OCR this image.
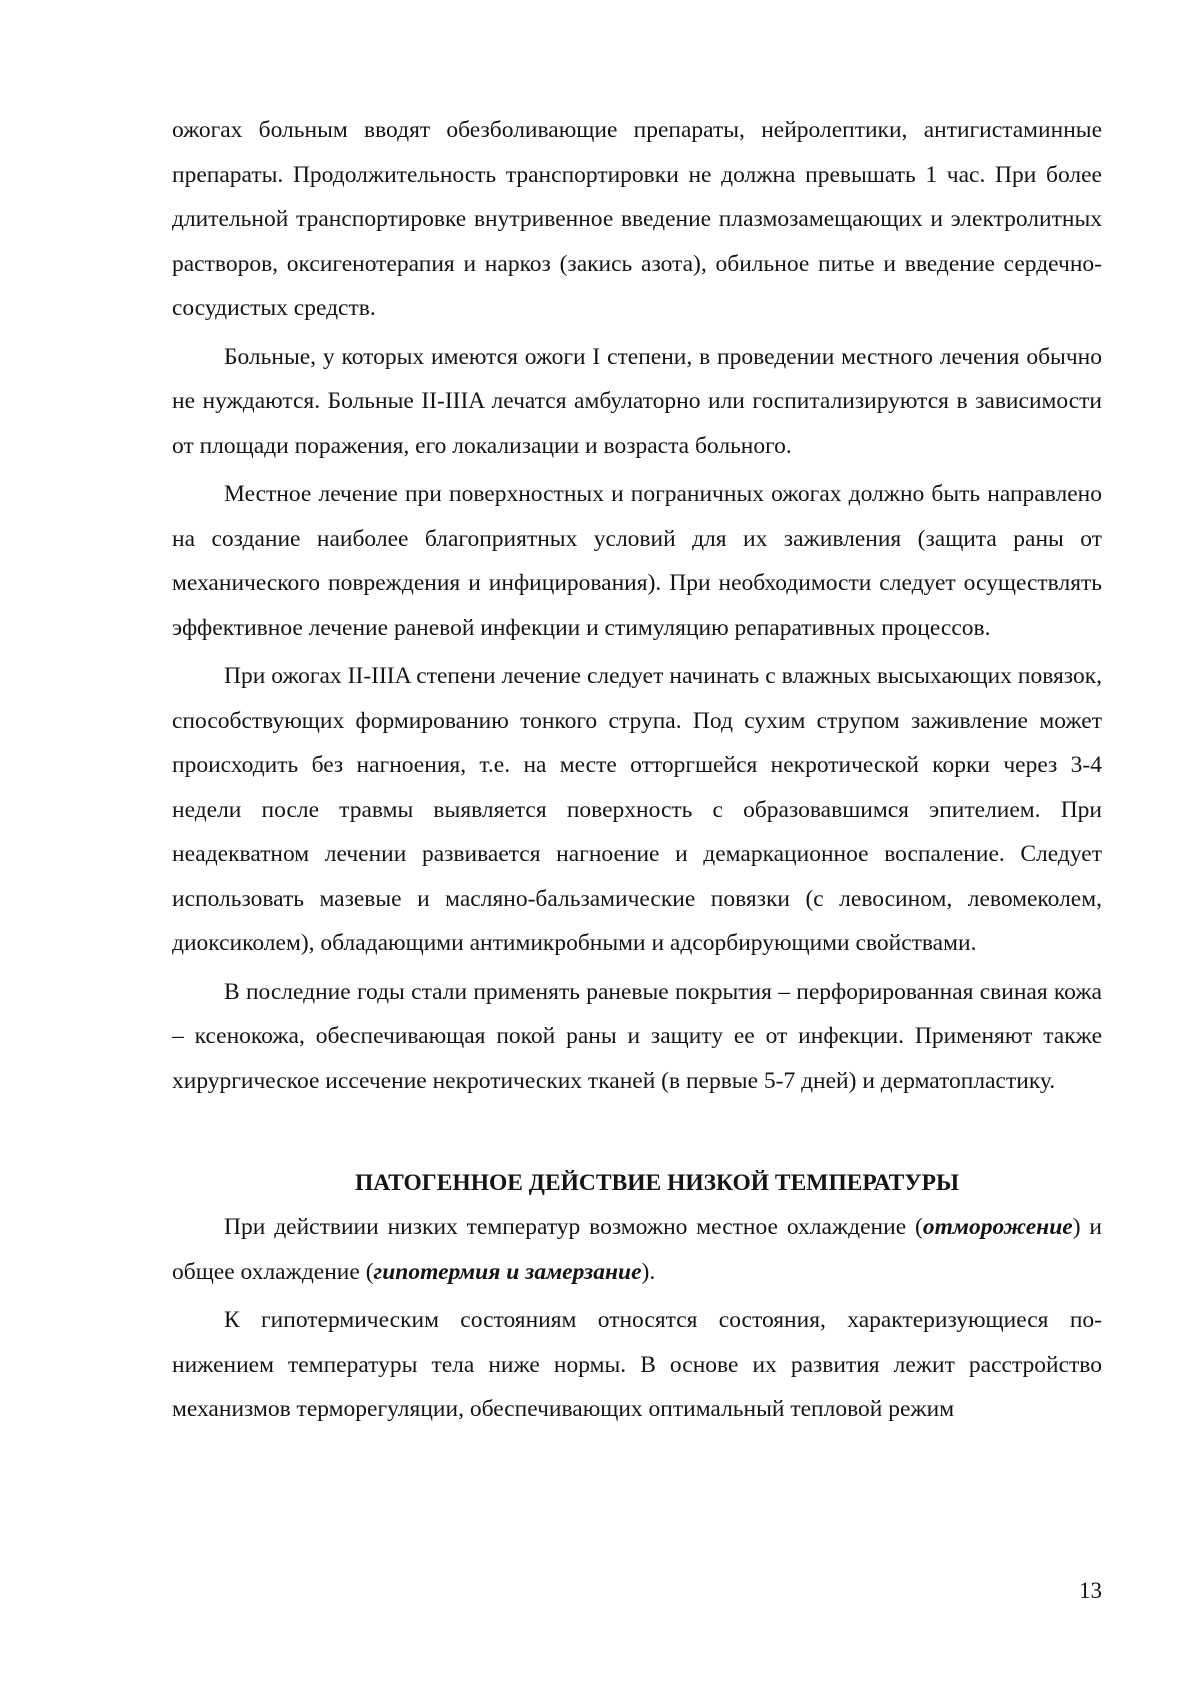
ожогах больным вводят обезболивающие препараты, нейролептики, антигистаминные препараты. Продолжительность транспортировки не должна превышать 1 час. При более длительной транспортировке внутривенное введение плазмозамещающих и электролитных растворов, оксигенотерапия и наркоз (закись азота), обильное питье и введение сердечно-сосудистых средств.

Больные, у которых имеются ожоги I степени, в проведении местного лечения обычно не нуждаются. Больные II-IIIA лечатся амбулаторно или госпитализируются в зависимости от площади поражения, его локализации и возраста больного.

Местное лечение при поверхностных и пограничных ожогах должно быть направлено на создание наиболее благоприятных условий для их заживления (защита раны от механического повреждения и инфицирования). При необходимости следует осуществлять эффективное лечение раневой инфекции и стимуляцию репаративных процессов.

При ожогах II-IIIA степени лечение следует начинать с влажных высыхающих повязок, способствующих формированию тонкого струпа. Под сухим струпом заживление может происходить без нагноения, т.е. на месте отторгшейся некротической корки через 3-4 недели после травмы выявляется поверхность с образовавшимся эпителием. При неадекватном лечении развивается нагноение и демаркационное воспаление. Следует использовать мазевые и масляно-бальзамические повязки (с левосином, левомеколем, диоксиколем), обладающими антимикробными и адсорбирующими свойствами.

В последние годы стали применять раневые покрытия – перфорированная свиная кожа – ксенокожа, обеспечивающая покой раны и защиту ее от инфекции. Применяют также хирургическое иссечение некротических тканей (в первые 5-7 дней) и дерматопластику.

ПАТОГЕННОЕ ДЕЙСТВИЕ НИЗКОЙ ТЕМПЕРАТУРЫ

При действиии низких температур возможно местное охлаждение (отморожение) и общее охлаждение (гипотермия и замерзание).

К гипотермическим состояниям относятся состояния, характеризующиеся понижением температуры тела ниже нормы. В основе их развития лежит расстройство механизмов терморегуляции, обеспечивающих оптимальный тепловой режим

13
